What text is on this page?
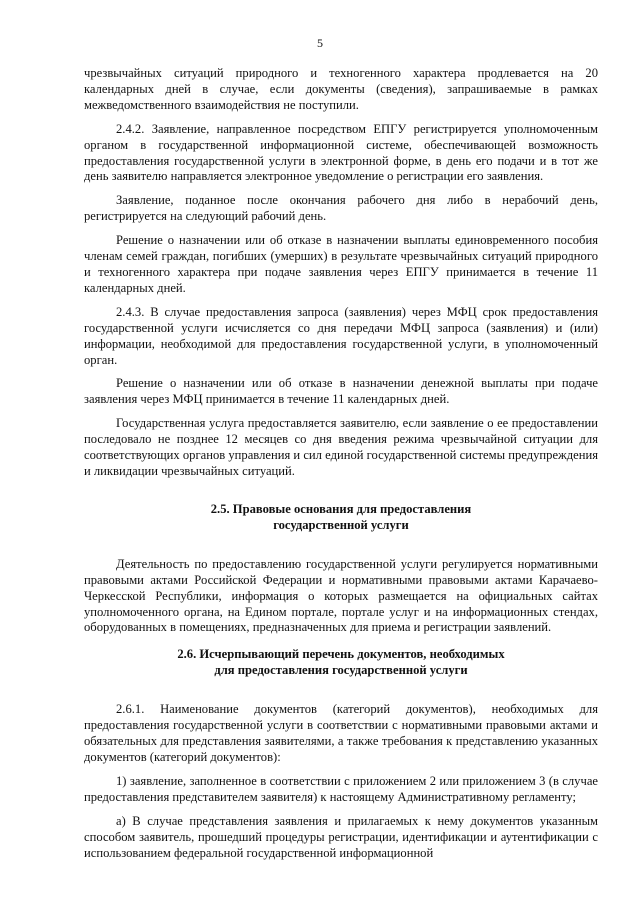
5

чрезвычайных ситуаций природного и техногенного характера продлевается на 20 календарных дней в случае, если документы (сведения), запрашиваемые в рамках межведомственного взаимодействия не поступили.

2.4.2. Заявление, направленное посредством ЕПГУ регистрируется уполномоченным органом в государственной информационной системе, обеспечивающей возможность предоставления государственной услуги в электронной форме, в день его подачи и в тот же день заявителю направляется электронное уведомление о регистрации его заявления.

Заявление, поданное после окончания рабочего дня либо в нерабочий день, регистрируется на следующий рабочий день.

Решение о назначении или об отказе в назначении выплаты единовременного пособия членам семей граждан, погибших (умерших) в результате чрезвычайных ситуаций природного и техногенного характера при подаче заявления через ЕПГУ принимается в течение 11 календарных дней.

2.4.3. В случае предоставления запроса (заявления) через МФЦ срок предоставления государственной услуги исчисляется со дня передачи МФЦ запроса (заявления) и (или) информации, необходимой для предоставления государственной услуги, в уполномоченный орган.

Решение о назначении или об отказе в назначении денежной выплаты при подаче заявления через МФЦ принимается в течение 11 календарных дней.

Государственная услуга предоставляется заявителю, если заявление о ее предоставлении последовало не позднее 12 месяцев со дня введения режима чрезвычайной ситуации для соответствующих органов управления и сил единой государственной системы предупреждения и ликвидации чрезвычайных ситуаций.

2.5. Правовые основания для предоставления
государственной услуги

Деятельность по предоставлению государственной услуги регулируется нормативными правовыми актами Российской Федерации и нормативными правовыми актами Карачаево-Черкесской Республики, информация о которых размещается на официальных сайтах уполномоченного органа, на Едином портале, портале услуг и на информационных стендах, оборудованных в помещениях, предназначенных для приема и регистрации заявлений.

2.6. Исчерпывающий перечень документов, необходимых
для предоставления государственной услуги

2.6.1. Наименование документов (категорий документов), необходимых для предоставления государственной услуги в соответствии с нормативными правовыми актами и обязательных для представления заявителями, а также требования к представлению указанных документов (категорий документов):

1) заявление, заполненное в соответствии с приложением 2 или приложением 3 (в случае предоставления представителем заявителя) к настоящему Административному регламенту;

а) В случае представления заявления и прилагаемых к нему документов указанным способом заявитель, прошедший процедуры регистрации, идентификации и аутентификации с использованием федеральной государственной информационной
